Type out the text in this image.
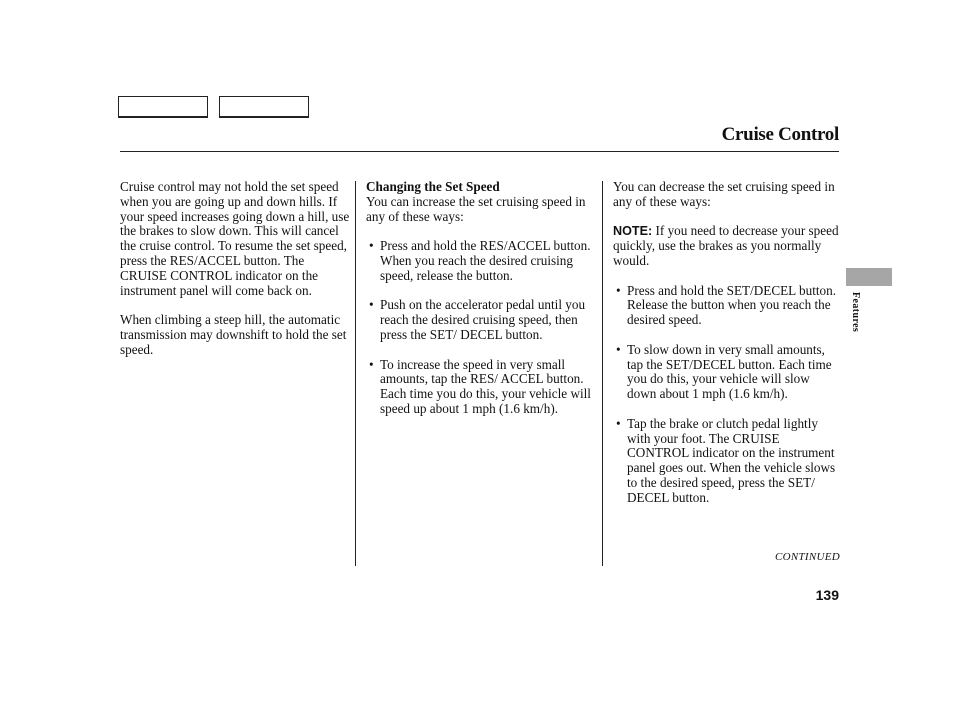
Cruise Control

Cruise control may not hold the set speed when you are going up and down hills. If your speed increases going down a hill, use the brakes to slow down. This will cancel the cruise control. To resume the set speed, press the RES/ACCEL button. The CRUISE CONTROL indicator on the instrument panel will come back on.

When climbing a steep hill, the automatic transmission may downshift to hold the set speed.

Changing the Set Speed

You can increase the set cruising speed in any of these ways:

• Press and hold the RES/ACCEL button. When you reach the desired cruising speed, release the button.
• Push on the accelerator pedal until you reach the desired cruising speed, then press the SET/ DECEL button.
• To increase the speed in very small amounts, tap the RES/ ACCEL button. Each time you do this, your vehicle will speed up about 1 mph (1.6 km/h).

You can decrease the set cruising speed in any of these ways:

NOTE: If you need to decrease your speed quickly, use the brakes as you normally would.

• Press and hold the SET/DECEL button. Release the button when you reach the desired speed.
• To slow down in very small amounts, tap the SET/DECEL button. Each time you do this, your vehicle will slow down about 1 mph (1.6 km/h).
• Tap the brake or clutch pedal lightly with your foot. The CRUISE CONTROL indicator on the instrument panel goes out. When the vehicle slows to the desired speed, press the SET/ DECEL button.
Features
CONTINUED
139
